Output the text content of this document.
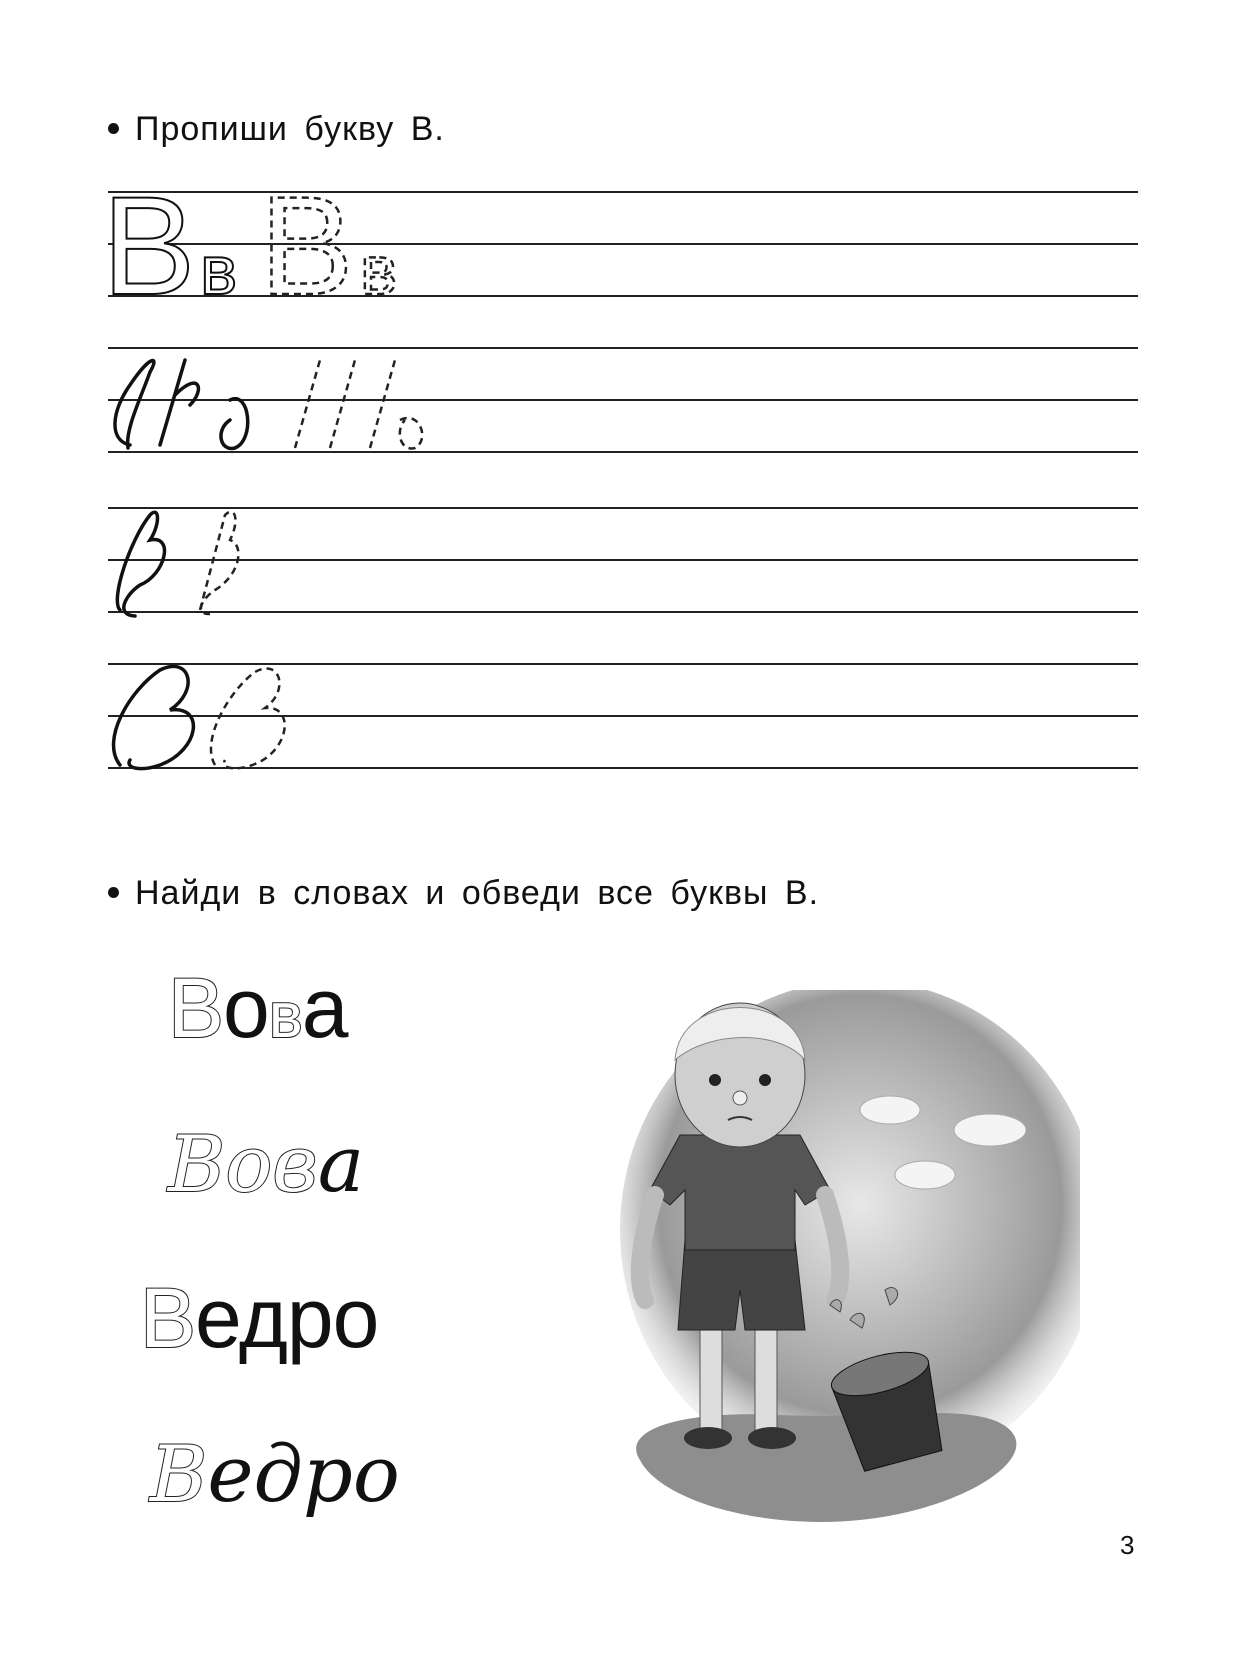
Пропиши букву В.
В в В в
Найди в словах и обведи все буквы В.
Вова
Вова
Ведро
Ведро
3
